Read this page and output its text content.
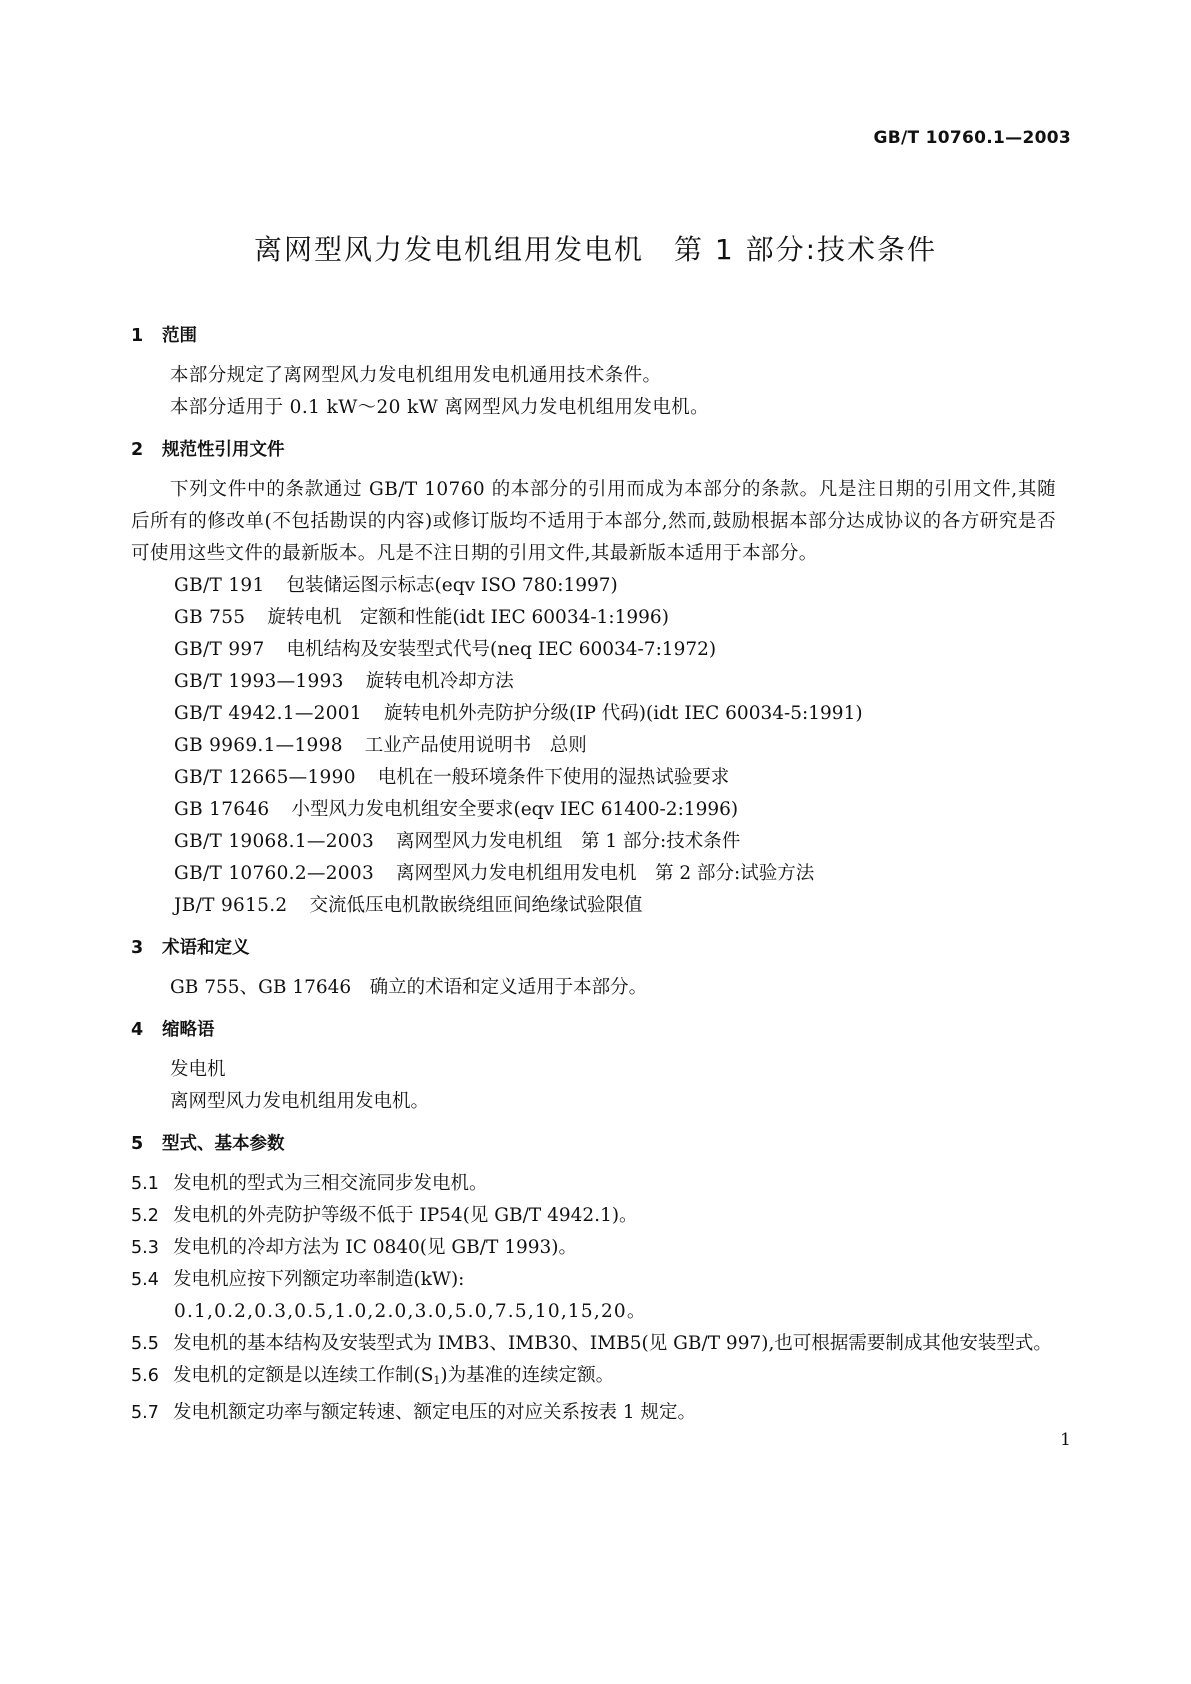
GB/T 10760.1—2003
离网型风力发电机组用发电机　第 1 部分:技术条件
1 范围
本部分规定了离网型风力发电机组用发电机通用技术条件。
本部分适用于 0.1 kW～20 kW 离网型风力发电机组用发电机。
2 规范性引用文件
下列文件中的条款通过 GB/T 10760 的本部分的引用而成为本部分的条款。凡是注日期的引用文件,其随后所有的修改单(不包括勘误的内容)或修订版均不适用于本部分,然而,鼓励根据本部分达成协议的各方研究是否可使用这些文件的最新版本。凡是不注日期的引用文件,其最新版本适用于本部分。
GB/T 191 包装储运图示标志(eqv ISO 780:1997)
GB 755 旋转电机　定额和性能(idt IEC 60034-1:1996)
GB/T 997 电机结构及安装型式代号(neq IEC 60034-7:1972)
GB/T 1993—1993 旋转电机冷却方法
GB/T 4942.1—2001 旋转电机外壳防护分级(IP 代码)(idt IEC 60034-5:1991)
GB 9969.1—1998 工业产品使用说明书　总则
GB/T 12665—1990 电机在一般环境条件下使用的湿热试验要求
GB 17646 小型风力发电机组安全要求(eqv IEC 61400-2:1996)
GB/T 19068.1—2003 离网型风力发电机组　第 1 部分:技术条件
GB/T 10760.2—2003 离网型风力发电机组用发电机　第 2 部分:试验方法
JB/T 9615.2 交流低压电机散嵌绕组匝间绝缘试验限值
3 术语和定义
GB 755、GB 17646　确立的术语和定义适用于本部分。
4 缩略语
发电机
离网型风力发电机组用发电机。
5 型式、基本参数
5.1 发电机的型式为三相交流同步发电机。
5.2 发电机的外壳防护等级不低于 IP54(见 GB/T 4942.1)。
5.3 发电机的冷却方法为 IC 0840(见 GB/T 1993)。
5.4 发电机应按下列额定功率制造(kW):
0.1,0.2,0.3,0.5,1.0,2.0,3.0,5.0,7.5,10,15,20。
5.5 发电机的基本结构及安装型式为 IMB3、IMB30、IMB5(见 GB/T 997),也可根据需要制成其他安装型式。
5.6 发电机的定额是以连续工作制$(S_1)$为基准的连续定额。
5.7 发电机额定功率与额定转速、额定电压的对应关系按表 1 规定。
1
